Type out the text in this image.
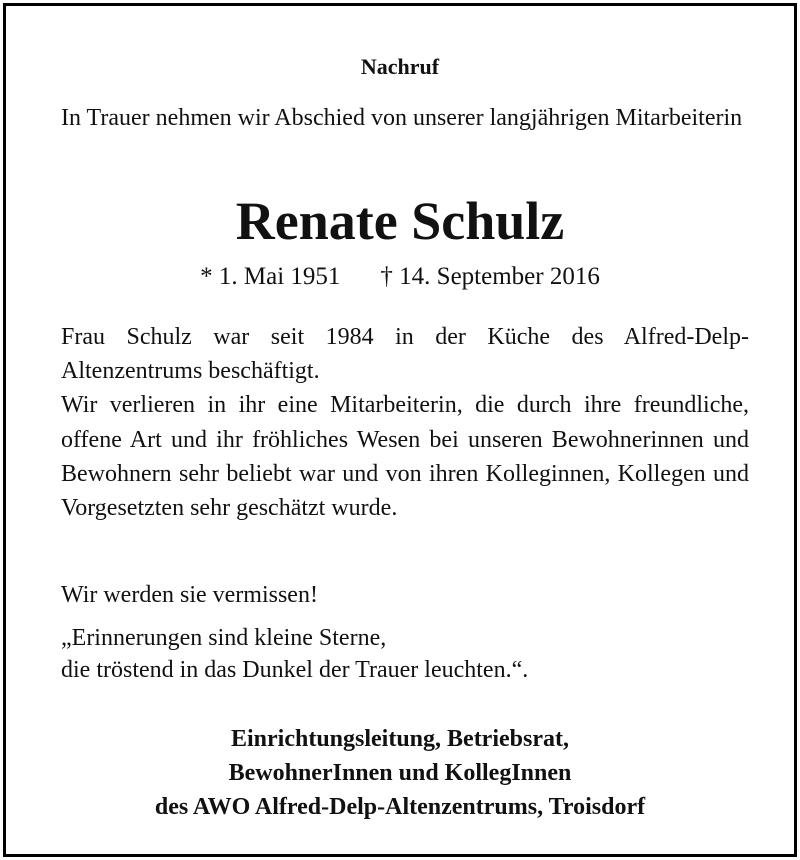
Nachruf
In Trauer nehmen wir Abschied von unserer langjährigen Mitarbeiterin
Renate Schulz
* 1. Mai 1951 † 14. September 2016

Frau Schulz war seit 1984 in der Küche des Alfred-Delp-Altenzentrums beschäftigt.

Wir verlieren in ihr eine Mitarbeiterin, die durch ihre freundliche, offene Art und ihr fröhliches Wesen bei unseren Bewohnerinnen und Bewohnern sehr beliebt war und von ihren Kolleginnen, Kollegen und Vorgesetzten sehr geschätzt wurde.

Wir werden sie vermissen!
„Erinnerungen sind kleine Sterne,
die tröstend in das Dunkel der Trauer leuchten.“.
Einrichtungsleitung, Betriebsrat,
BewohnerInnen und KollegInnen
des AWO Alfred-Delp-Altenzentrums, Troisdorf
